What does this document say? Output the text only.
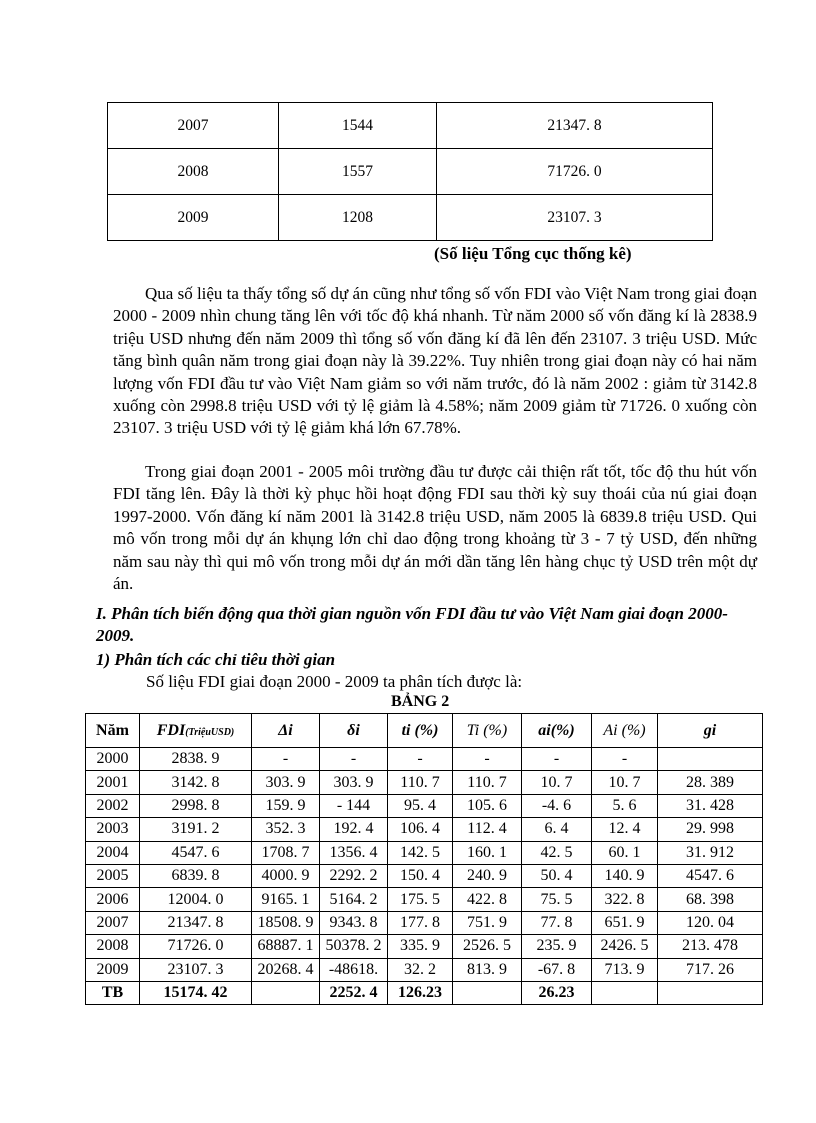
2007	1544	21347. 8
2008	1557	71726. 0
2009	1208	23107. 3
(Số liệu Tổng cục thống kê)

Qua số liệu ta thấy tổng số dự án cũng như tổng số vốn FDI vào Việt Nam trong giai đoạn 2000 - 2009 nhìn chung tăng lên với tốc độ khá nhanh. Từ năm 2000 số vốn đăng kí là 2838.9 triệu USD nhưng đến năm 2009 thì tổng số vốn đăng kí đã lên đến 23107. 3 triệu USD. Mức tăng bình quân năm trong giai đoạn này là 39.22%. Tuy nhiên trong giai đoạn này có hai năm lượng vốn FDI đầu tư vào Việt Nam giảm so với năm trước, đó là năm 2002 : giảm từ 3142.8 xuống còn 2998.8 triệu USD với tỷ lệ giảm là 4.58%; năm 2009 giảm từ 71726. 0 xuống còn 23107. 3 triệu USD với tỷ lệ giảm khá lớn 67.78%.

Trong giai đoạn 2001 - 2005 môi trường đầu tư được cải thiện rất tốt, tốc độ thu hút vốn FDI tăng lên. Đây là thời kỳ phục hồi hoạt động FDI sau thời kỳ suy thoái của nú giai đoạn 1997-2000. Vốn đăng kí năm 2001 là 3142.8 triệu USD, năm 2005 là 6839.8 triệu USD. Qui mô vốn trong mỗi dự án khụng lớn chỉ dao động trong khoảng từ 3 - 7 tỷ USD, đến những năm sau này thì qui mô vốn trong mỗi dự án mới dần tăng lên hàng chục tỷ USD trên một dự án.

I. Phân tích biến động qua thời gian nguồn vốn FDI đầu tư vào Việt Nam giai đoạn 2000- 2009.

1) Phân tích các chỉ tiêu thời gian

Số liệu FDI giai đoạn 2000 - 2009 ta phân tích được là:

BẢNG 2
Năm	FDI(TriệuUSD)	Δi	δi	ti (%)	Ti (%)	ai(%)	Ai (%)	gi
2000	2838. 9	-	-	-	-	-	-	
2001	3142. 8	303. 9	303. 9	110. 7	110. 7	10. 7	10. 7	28. 389
2002	2998. 8	159. 9	- 144	95. 4	105. 6	-4. 6	5. 6	31. 428
2003	3191. 2	352. 3	192. 4	106. 4	112. 4	6. 4	12. 4	29. 998
2004	4547. 6	1708. 7	1356. 4	142. 5	160. 1	42. 5	60. 1	31. 912
2005	6839. 8	4000. 9	2292. 2	150. 4	240. 9	50. 4	140. 9	4547. 6
2006	12004. 0	9165. 1	5164. 2	175. 5	422. 8	75. 5	322. 8	68. 398
2007	21347. 8	18508. 9	9343. 8	177. 8	751. 9	77. 8	651. 9	120. 04
2008	71726. 0	68887. 1	50378. 2	335. 9	2526. 5	235. 9	2426. 5	213. 478
2009	23107. 3	20268. 4	-48618.	32. 2	813. 9	-67. 8	713. 9	717. 26
TB	15174. 42		2252. 4	126.23		26.23		
